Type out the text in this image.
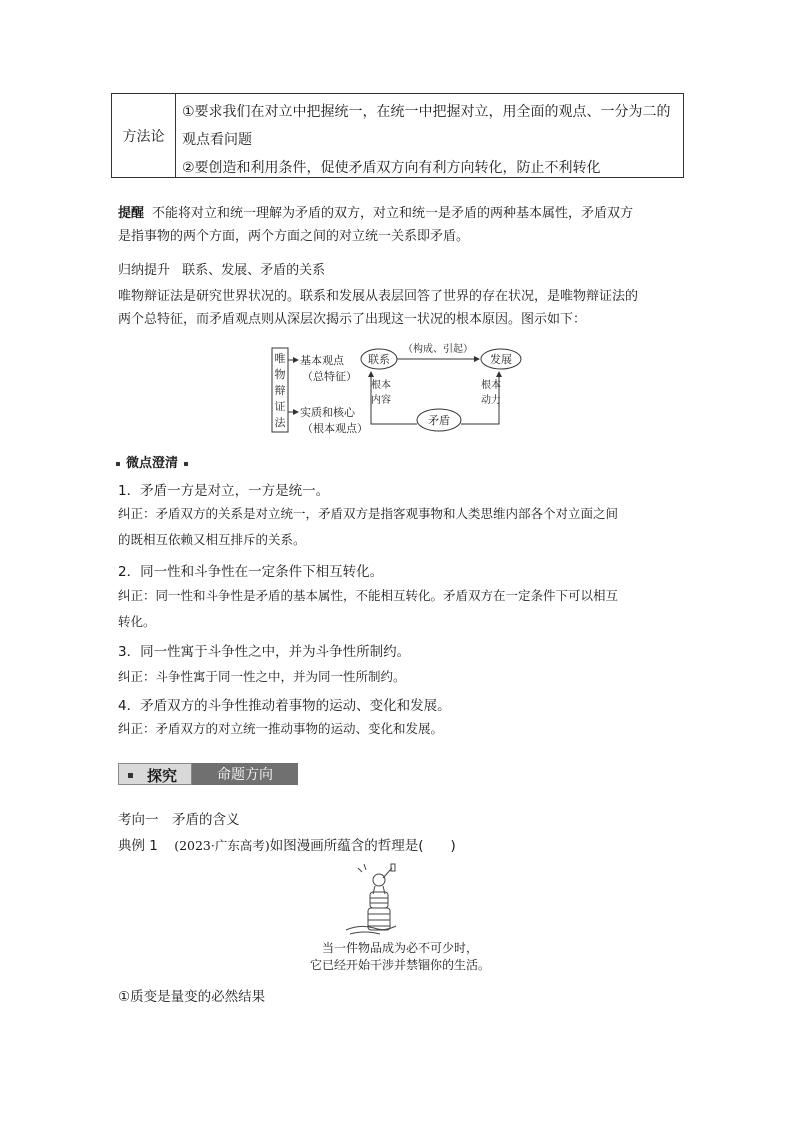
方法论
①要求我们在对立中把握统一，在统一中把握对立，用全面的观点、一分为二的
观点看问题
②要创造和利用条件，促使矛盾双方向有利方向转化，防止不利转化
提醒 不能将对立和统一理解为矛盾的双方，对立和统一是矛盾的两种基本属性，矛盾双方
是指事物的两个方面，两个方面之间的对立统一关系即矛盾。
归纳提升 联系、发展、矛盾的关系
唯物辩证法是研究世界状况的。联系和发展从表层回答了世界的存在状况，是唯物辩证法的
两个总特征，而矛盾观点则从深层次揭示了出现这一状况的根本原因。图示如下：
唯
物
辩
证
法
基本观点
（总特征）
实质和核心
（根本观点）
联系	发展
矛盾
（构成、引起）
根本
内容
根本
动力
微点澄清
1．矛盾一方是对立，一方是统一。
纠正：矛盾双方的关系是对立统一，矛盾双方是指客观事物和人类思维内部各个对立面之间
的既相互依赖又相互排斥的关系。
2．同一性和斗争性在一定条件下相互转化。
纠正：同一性和斗争性是矛盾的基本属性，不能相互转化。矛盾双方在一定条件下可以相互
转化。
3．同一性寓于斗争性之中，并为斗争性所制约。
纠正：斗争性寓于同一性之中，并为同一性所制约。
4．矛盾双方的斗争性推动着事物的运动、变化和发展。
纠正：矛盾双方的对立统一推动事物的运动、变化和发展。
探究	命题方向
考向一　矛盾的含义
典例 1 (2023·广东高考)如图漫画所蕴含的哲理是(　　)
当一件物品成为必不可少时，
它已经开始干涉并禁锢你的生活。
①质变是量变的必然结果
